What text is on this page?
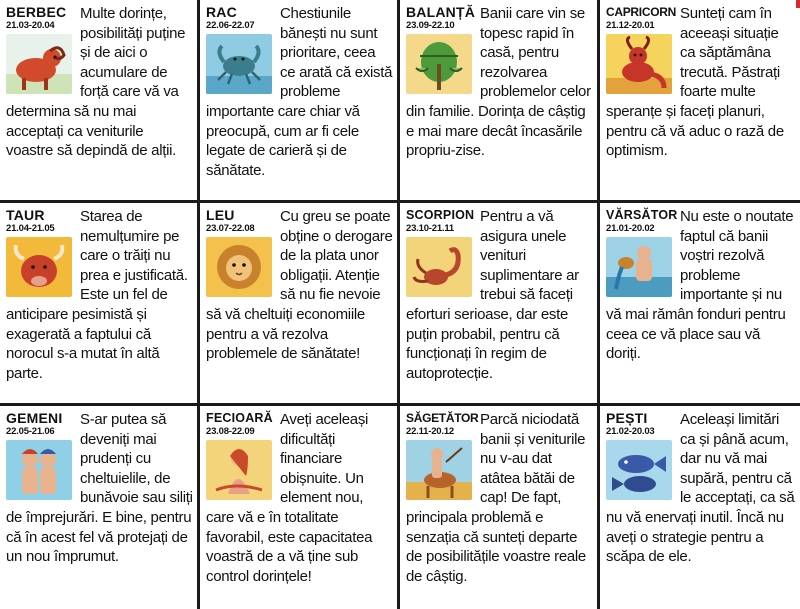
BERBEC
21.03-20.04
Multe dorințe, posibilități puține și de aici o acumulare de forță care vă va determina să nu mai acceptați ca veniturile voastre să depindă de alții.
RAC
22.06-22.07
Chestiunile bănești nu sunt prioritare, ceea ce arată că există probleme importante care chiar vă preocupă, cum ar fi cele legate de carieră și de sănătate.
BALANȚĂ
23.09-22.10
Banii care vin se topesc rapid în casă, pentru rezolvarea problemelor celor din familie. Dorința de câștig e mai mare decât încasările propriu-zise.
CAPRICORN
21.12-20.01
Sunteți cam în aceeași situație ca săptămâna trecută. Păstrați foarte multe speranțe și faceți planuri, pentru că vă aduc o rază de optimism.
TAUR
21.04-21.05
Starea de nemulțumire pe care o trăiți nu prea e justificată. Este un fel de anticipare pesimistă și exagerată a faptului că norocul s-a mutat în altă parte.
LEU
23.07-22.08
Cu greu se poate obține o derogare de la plata unor obligații. Atenție să nu fie nevoie să vă cheltuiți economiile pentru a vă rezolva problemele de sănătate!
SCORPION
23.10-21.11
Pentru a vă asigura unele venituri suplimentare ar trebui să faceți eforturi serioase, dar este puțin probabil, pentru că funcționați în regim de autoprotecție.
VĂRSĂTOR
21.01-20.02
Nu este o noutate faptul că banii voștri rezolvă probleme importante și nu vă mai rămân fonduri pentru ceea ce vă place sau vă doriți.
GEMENI
22.05-21.06
S-ar putea să deveniți mai prudenți cu cheltuielile, de bunăvoie sau siliți de împrejurări. E bine, pentru că în acest fel vă protejați de un nou împrumut.
FECIOARĂ
23.08-22.09
Aveți aceleași dificultăți financiare obișnuite. Un element nou, care vă e în totalitate favorabil, este capacitatea voastră de a vă ține sub control dorințele!
SĂGETĂTOR
22.11-20.12
Parcă niciodată banii și veniturile nu v-au dat atâtea bătăi de cap! De fapt, principala problemă e senzația că sunteți departe de posibilitățile voastre reale de câștig.
PEȘTI
21.02-20.03
Aceleași limitări ca și până acum, dar nu vă mai supără, pentru că le acceptați, ca să nu vă enervați inutil. Încă nu aveți o strategie pentru a scăpa de ele.
